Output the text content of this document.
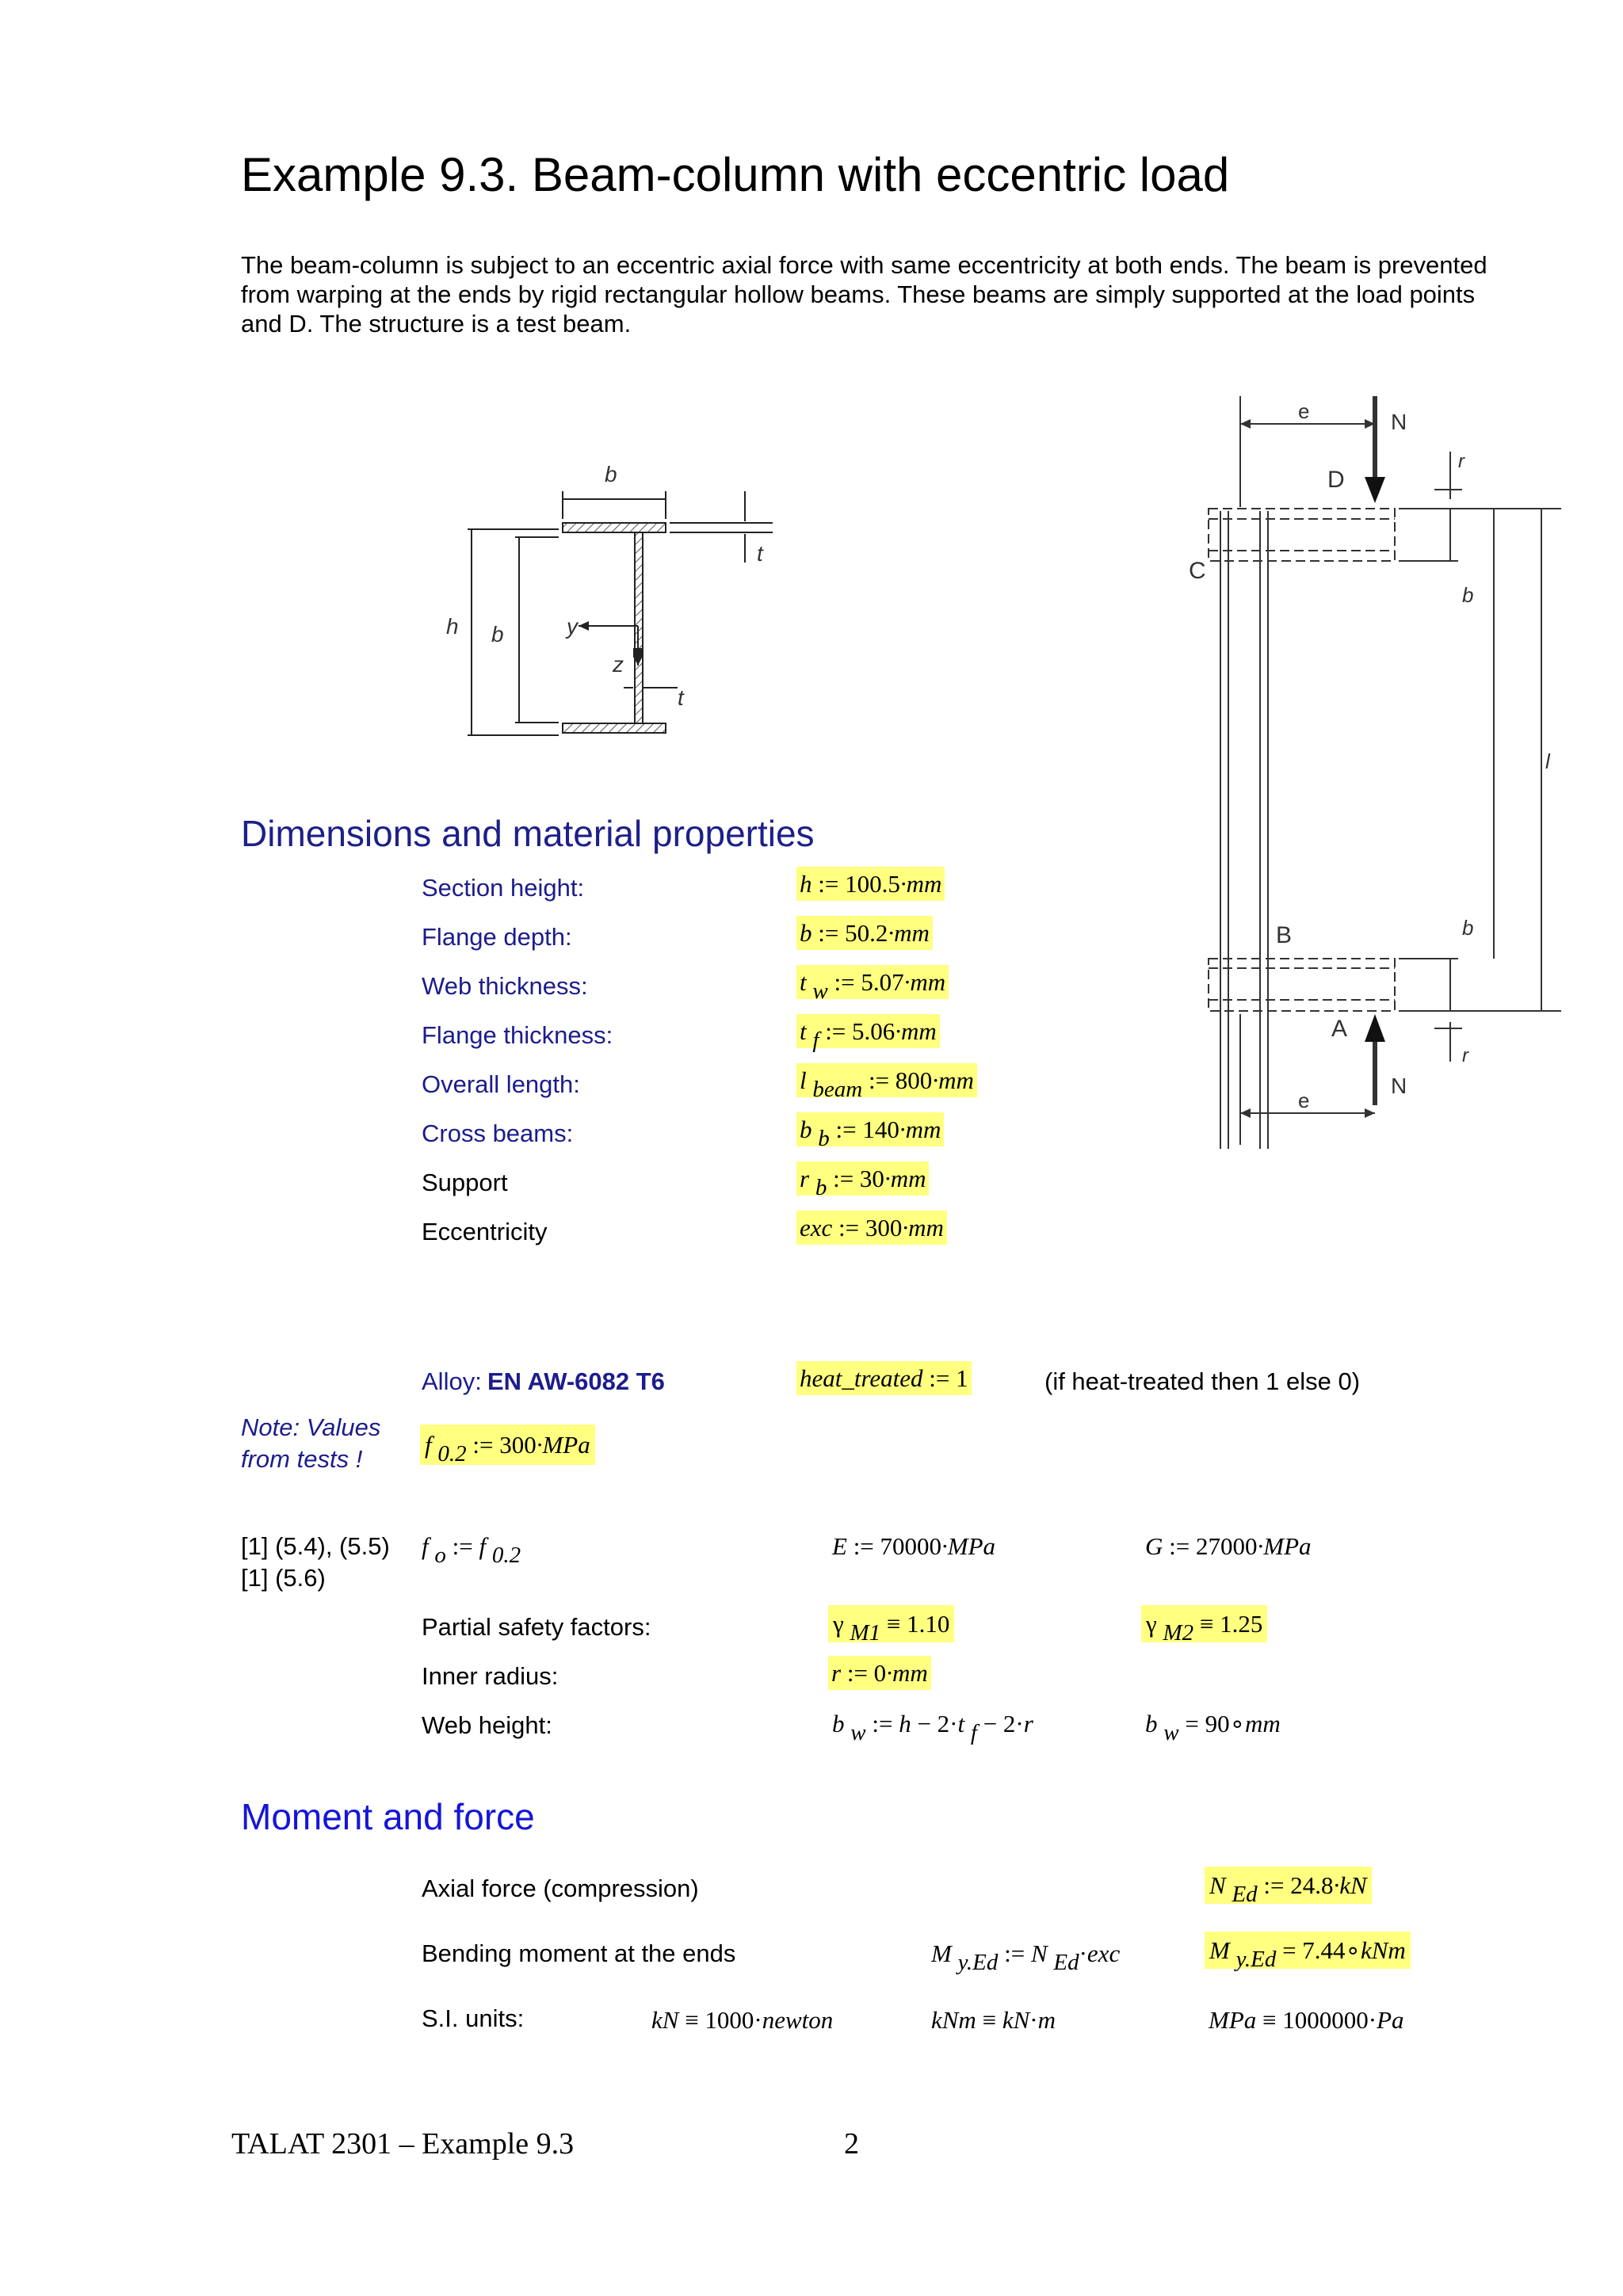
Example 9.3. Beam-column with eccentric load
The beam-column is subject to an eccentric axial force with same eccentricity at both ends. The beam is prevented
from warping at the ends by rigid rectangular hollow beams. These beams are simply supported at the load points
and D. The structure is a test beam.
b
h b
t
y
z
t
e	N
D
C
B
A
N
e
r
b
l
b
r
Dimensions and material properties
Section height:	h := 100.5·mm
Flange depth:	b := 50.2·mm
Web thickness:	t w := 5.07·mm
Flange thickness:	t f := 5.06·mm
Overall length:	l beam := 800·mm
Cross beams:	b b := 140·mm
Support	r b := 30·mm
Eccentricity	exc := 300·mm
Alloy: EN AW-6082 T6	heat_treated := 1	(if heat-treated then 1 else 0)
Note: Values
from tests !
f 0.2 := 300·MPa
[1] (5.4), (5.5)
[1] (5.6)
f o := f 0.2	E := 70000·MPa	G := 27000·MPa
Partial safety factors:	γ M1 ≡ 1.10	γ M2 ≡ 1.25
Inner radius:	r := 0·mm
Web height:	b w := h − 2·t f − 2·r	b w = 90∘mm
Moment and force
Axial force (compression)	N Ed := 24.8·kN
Bending moment at the ends	M y.Ed := N Ed·exc	M y.Ed = 7.44∘kNm
S.I. units:	kN ≡ 1000·newton	kNm ≡ kN·m	MPa ≡ 1000000·Pa
TALAT 2301 – Example 9.3	2
